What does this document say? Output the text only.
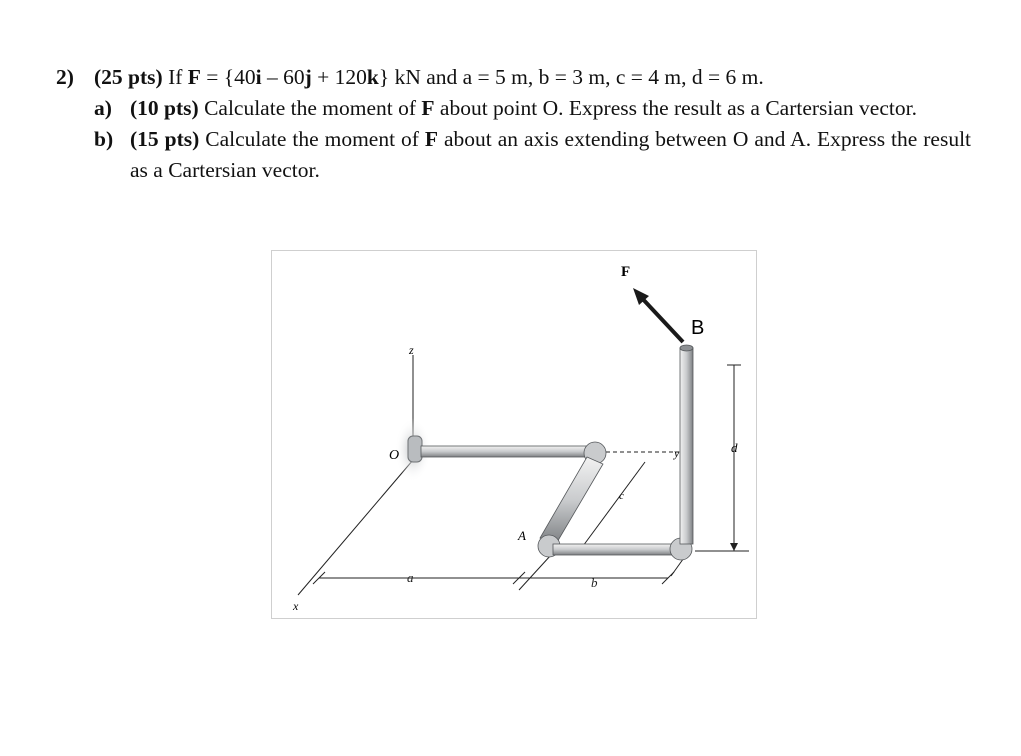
2) (25 pts) If F = {40i – 60j + 120k} kN and a = 5 m, b = 3 m, c = 4 m, d = 6 m.
a) (10 pts) Calculate the moment of F about point O. Express the result as a Cartersian vector.
b) (15 pts) Calculate the moment of F about an axis extending between O and A. Express the result as a Cartersian vector.
F
B
z
O	y	d
c
A
a	b
x
